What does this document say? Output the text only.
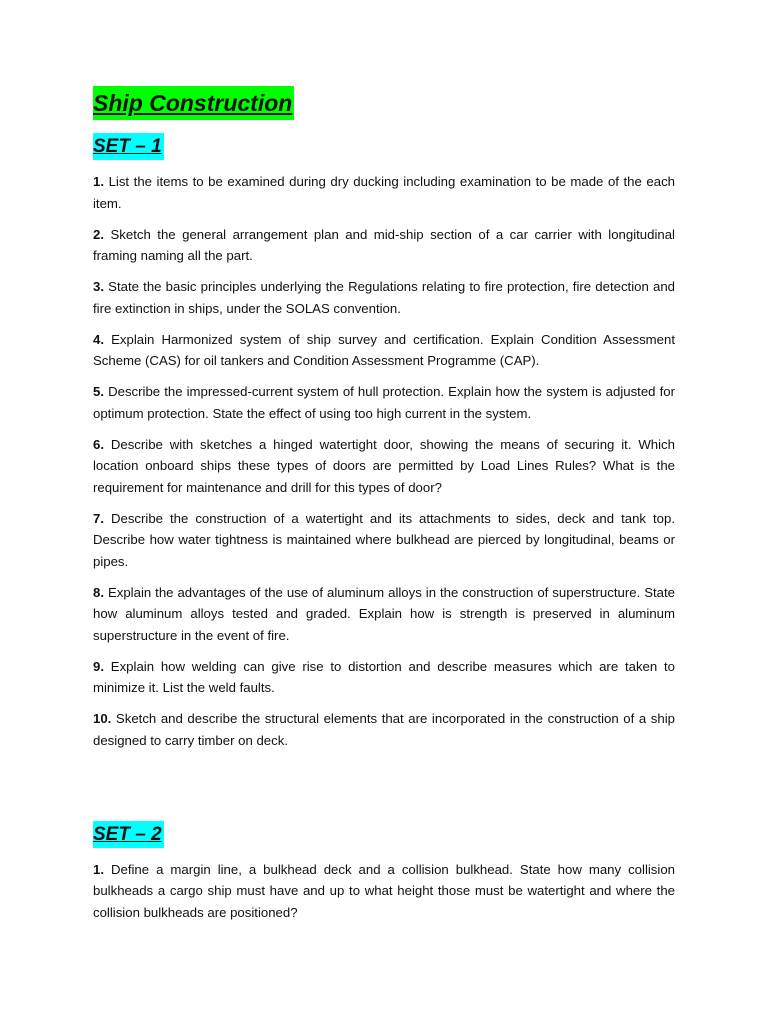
Ship Construction
SET – 1

1. List the items to be examined during dry ducking including examination to be made of the each item.

2. Sketch the general arrangement plan and mid-ship section of a car carrier with longitudinal framing naming all the part.

3. State the basic principles underlying the Regulations relating to fire protection, fire detection and fire extinction in ships, under the SOLAS convention.

4. Explain Harmonized system of ship survey and certification. Explain Condition Assessment Scheme (CAS) for oil tankers and Condition Assessment Programme (CAP).

5. Describe the impressed-current system of hull protection. Explain how the system is adjusted for optimum protection. State the effect of using too high current in the system.

6. Describe with sketches a hinged watertight door, showing the means of securing it. Which location onboard ships these types of doors are permitted by Load Lines Rules? What is the requirement for maintenance and drill for this types of door?

7. Describe the construction of a watertight and its attachments to sides, deck and tank top. Describe how water tightness is maintained where bulkhead are pierced by longitudinal, beams or pipes.

8. Explain the advantages of the use of aluminum alloys in the construction of superstructure. State how aluminum alloys tested and graded. Explain how is strength is preserved in aluminum superstructure in the event of fire.

9. Explain how welding can give rise to distortion and describe measures which are taken to minimize it. List the weld faults.

10. Sketch and describe the structural elements that are incorporated in the construction of a ship designed to carry timber on deck.

SET – 2

1. Define a margin line, a bulkhead deck and a collision bulkhead. State how many collision bulkheads a cargo ship must have and up to what height those must be watertight and where the collision bulkheads are positioned?
